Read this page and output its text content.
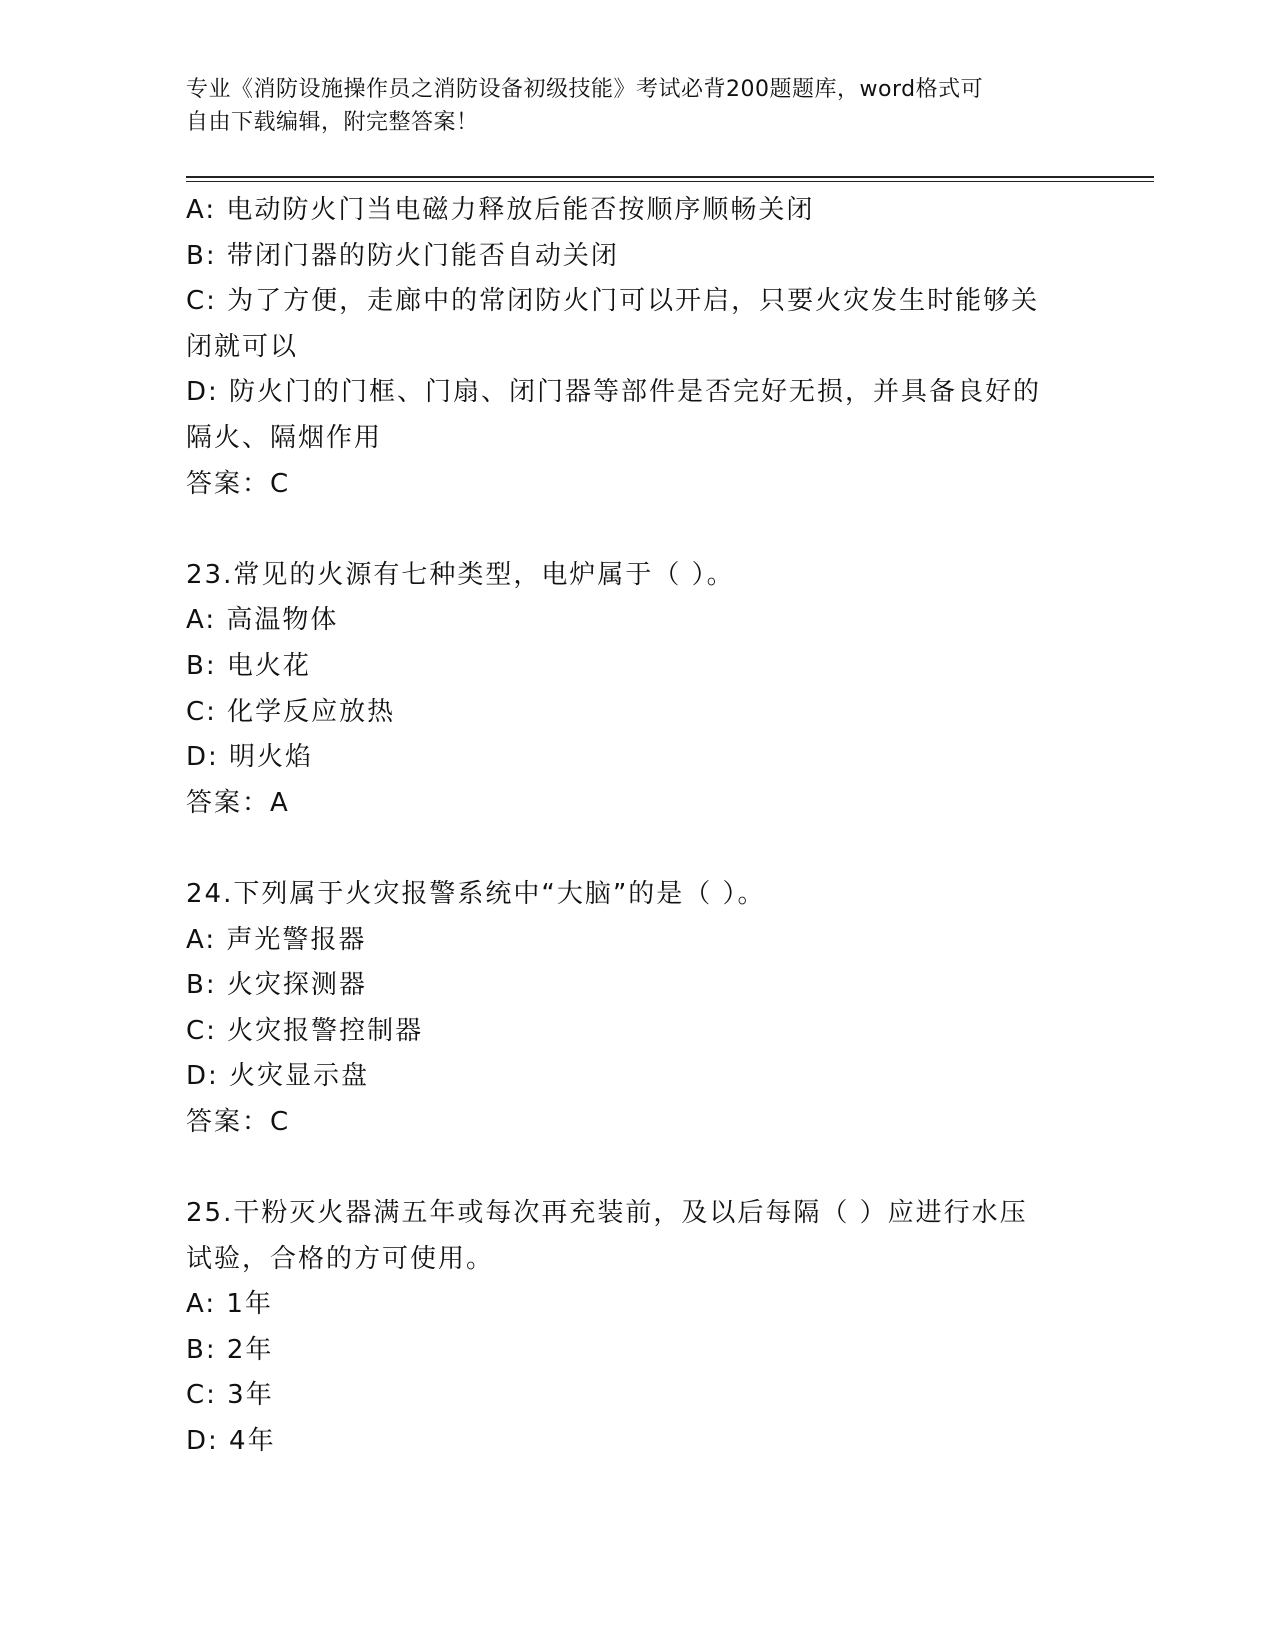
专业《消防设施操作员之消防设备初级技能》考试必背200题题库，word格式可
自由下载编辑，附完整答案！
A: 电动防火门当电磁力释放后能否按顺序顺畅关闭
B: 带闭门器的防火门能否自动关闭
C: 为了方便，走廊中的常闭防火门可以开启，只要火灾发生时能够关
闭就可以
D: 防火门的门框、门扇、闭门器等部件是否完好无损，并具备良好的
隔火、隔烟作用
答案：C
23.常见的火源有七种类型，电炉属于（ ）。
A: 高温物体
B: 电火花
C: 化学反应放热
D: 明火焰
答案：A
24.下列属于火灾报警系统中“大脑”的是（ ）。
A: 声光警报器
B: 火灾探测器
C: 火灾报警控制器
D: 火灾显示盘
答案：C
25.干粉灭火器满五年或每次再充装前，及以后每隔（ ）应进行水压
试验，合格的方可使用。
A: 1年
B: 2年
C: 3年
D: 4年
